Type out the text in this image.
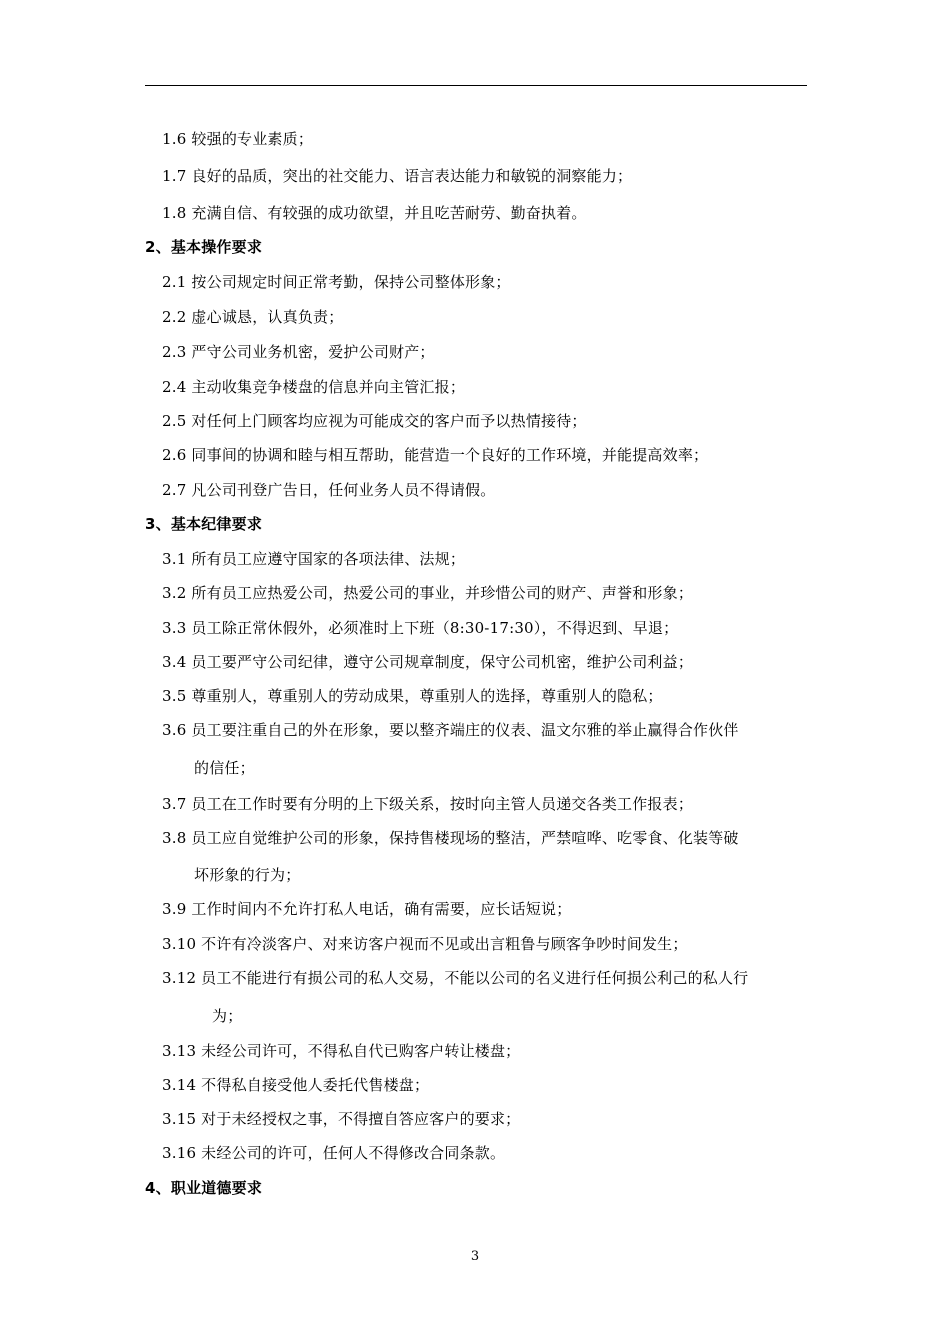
1.6 较强的专业素质；
1.7 良好的品质，突出的社交能力、语言表达能力和敏锐的洞察能力；
1.8 充满自信、有较强的成功欲望，并且吃苦耐劳、勤奋执着。
2、基本操作要求
2.1 按公司规定时间正常考勤，保持公司整体形象；
2.2 虚心诚恳，认真负责；
2.3 严守公司业务机密，爱护公司财产；
2.4 主动收集竞争楼盘的信息并向主管汇报；
2.5 对任何上门顾客均应视为可能成交的客户而予以热情接待；
2.6 同事间的协调和睦与相互帮助，能营造一个良好的工作环境，并能提高效率；
2.7 凡公司刊登广告日，任何业务人员不得请假。
3、基本纪律要求
3.1 所有员工应遵守国家的各项法律、法规；
3.2 所有员工应热爱公司，热爱公司的事业，并珍惜公司的财产、声誉和形象；
3.3 员工除正常休假外，必须准时上下班（8:30-17:30），不得迟到、早退；
3.4 员工要严守公司纪律，遵守公司规章制度，保守公司机密，维护公司利益；
3.5 尊重别人，尊重别人的劳动成果，尊重别人的选择，尊重别人的隐私；
3.6 员工要注重自己的外在形象，要以整齐端庄的仪表、温文尔雅的举止赢得合作伙伴
的信任；
3.7 员工在工作时要有分明的上下级关系，按时向主管人员递交各类工作报表；
3.8 员工应自觉维护公司的形象，保持售楼现场的整洁，严禁喧哗、吃零食、化装等破
坏形象的行为；
3.9 工作时间内不允许打私人电话，确有需要，应长话短说；
3.10 不许有冷淡客户、对来访客户视而不见或出言粗鲁与顾客争吵时间发生；
3.12 员工不能进行有损公司的私人交易，不能以公司的名义进行任何损公利己的私人行
为；
3.13 未经公司许可，不得私自代已购客户转让楼盘；
3.14 不得私自接受他人委托代售楼盘；
3.15 对于未经授权之事，不得擅自答应客户的要求；
3.16 未经公司的许可，任何人不得修改合同条款。
4、职业道德要求
3
